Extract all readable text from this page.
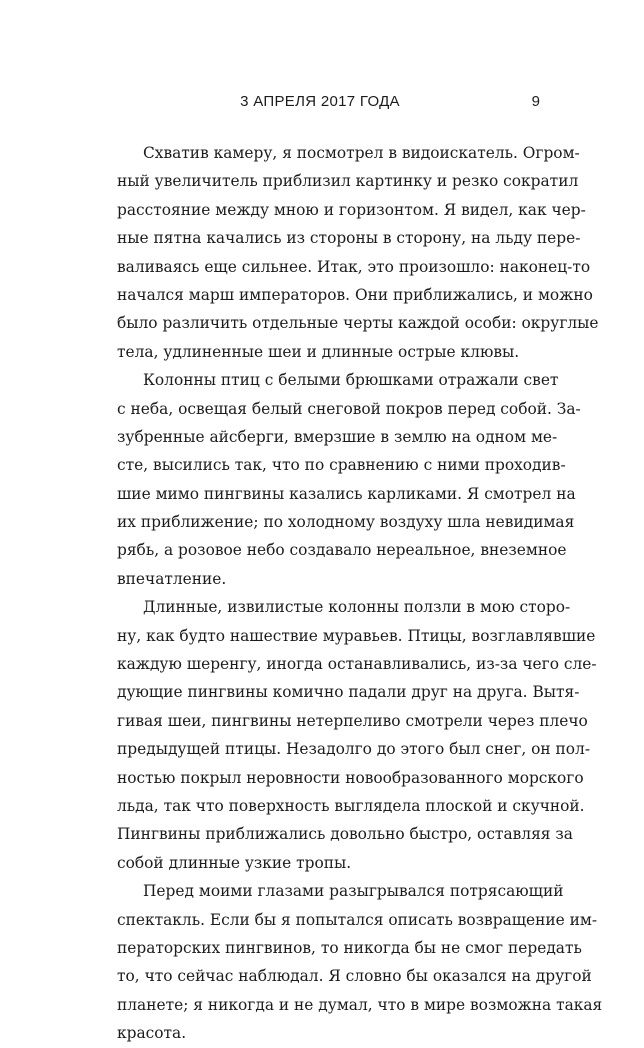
3 АПРЕЛЯ 2017 ГОДА	9

Схватив камеру, я посмотрел в видоискатель. Огром-
ный увеличитель приблизил картинку и резко сократил
расстояние между мною и горизонтом. Я видел, как чер-
ные пятна качались из стороны в сторону, на льду пере-
валиваясь еще сильнее. Итак, это произошло: наконец-то
начался марш императоров. Они приближались, и можно
было различить отдельные черты каждой особи: округлые
тела, удлиненные шеи и длинные острые клювы.

Колонны птиц с белыми брюшками отражали свет
с неба, освещая белый снеговой покров перед собой. За-
зубренные айсберги, вмерзшие в землю на одном ме-
сте, высились так, что по сравнению с ними проходив-
шие мимо пингвины казались карликами. Я смотрел на
их приближение; по холодному воздуху шла невидимая
рябь, а розовое небо создавало нереальное, внеземное
впечатление.

Длинные, извилистые колонны ползли в мою сторо-
ну, как будто нашествие муравьев. Птицы, возглавлявшие
каждую шеренгу, иногда останавливались, из-за чего сле-
дующие пингвины комично падали друг на друга. Вытя-
гивая шеи, пингвины нетерпеливо смотрели через плечо
предыдущей птицы. Незадолго до этого был снег, он пол-
ностью покрыл неровности новообразованного морского
льда, так что поверхность выглядела плоской и скучной.
Пингвины приближались довольно быстро, оставляя за
собой длинные узкие тропы.

Перед моими глазами разыгрывался потрясающий
спектакль. Если бы я попытался описать возвращение им-
ператорских пингвинов, то никогда бы не смог передать
то, что сейчас наблюдал. Я словно бы оказался на другой
планете; я никогда и не думал, что в мире возможна такая
красота.
